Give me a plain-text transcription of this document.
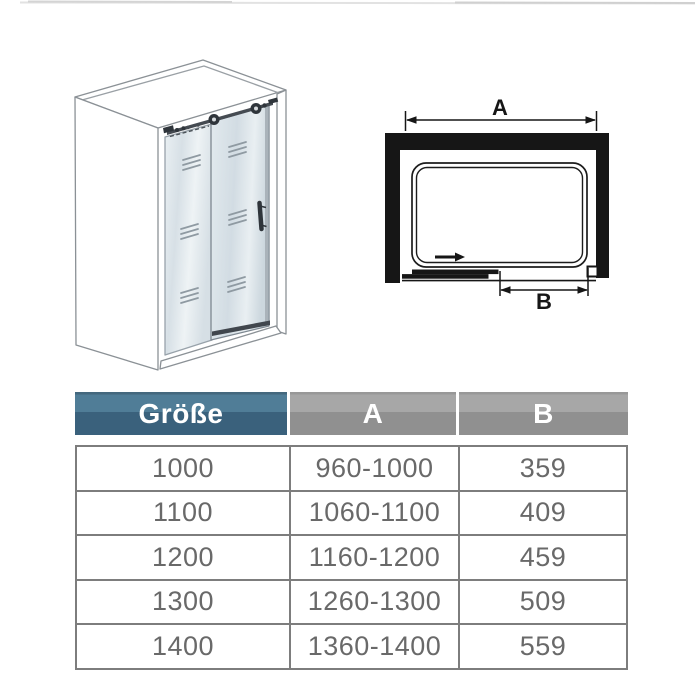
A
B
Größe	A	B
1000	960-1000	359
1100	1060-1100	409
1200	1160-1200	459
1300	1260-1300	509
1400	1360-1400	559
